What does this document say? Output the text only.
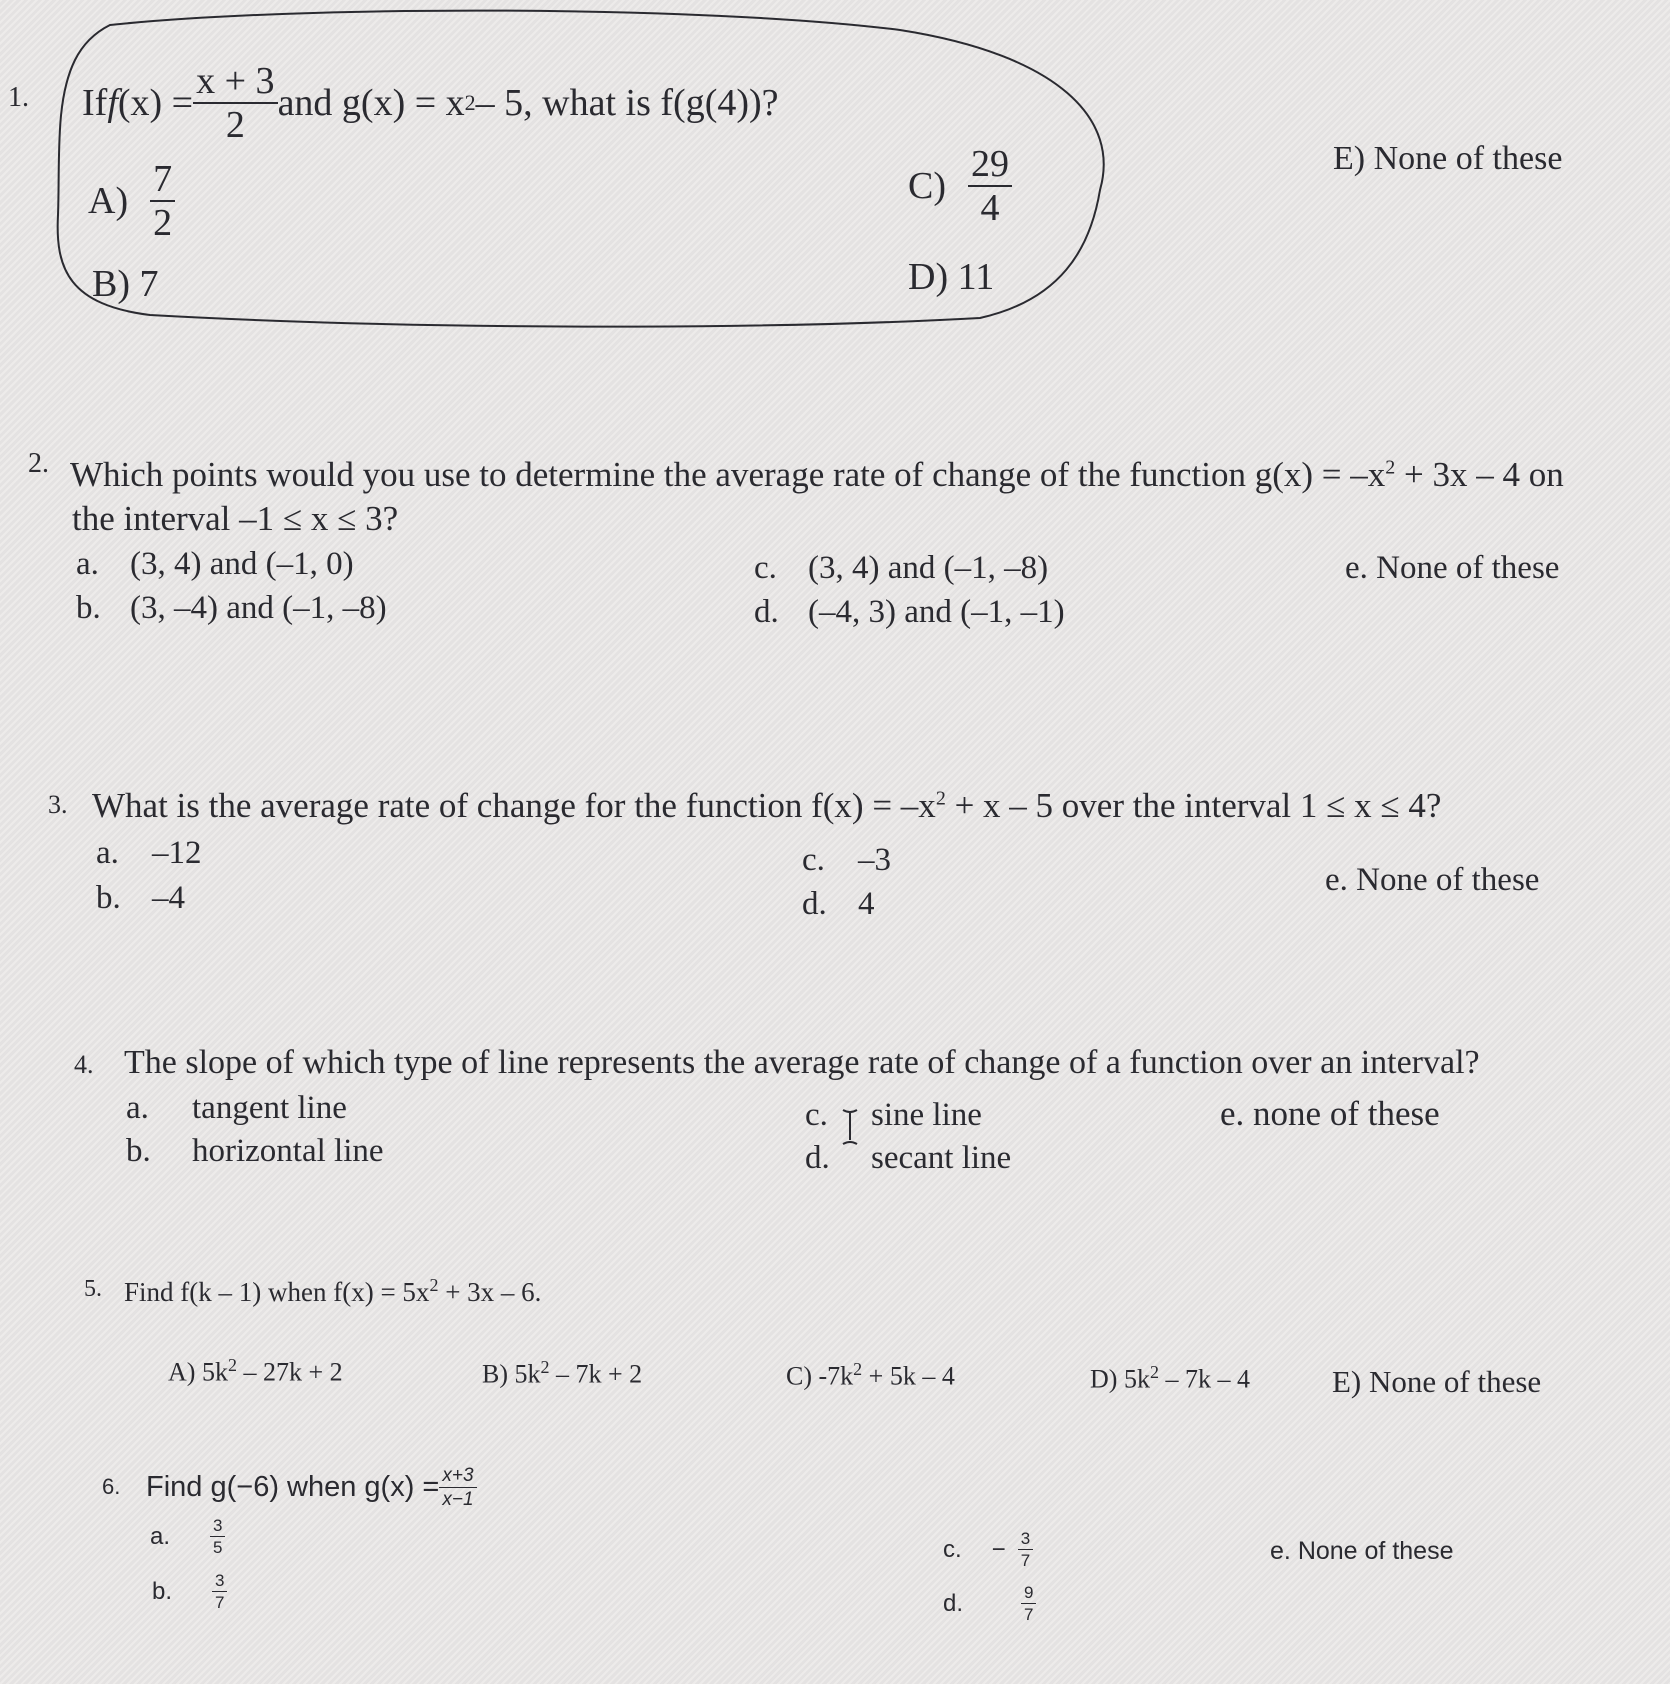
1. If f $(x) = \frac{x + 3}{2}$ and g(x) = x 2 – 5, what is f(g(4))?
$A) \frac{7}{2}$
B) 7
$C) \frac{29}{4}$
D) 11
E) None of these
2. Which points would you use to determine the average rate of change of the function $g(x) = -x^2 + 3x - 4$ on
the interval –1 ≤ x ≤ 3?
a. (3, 4) and (–1, 0)
b. (3, –4) and (–1, –8)
c. (3, 4) and (–1, –8)
d. (–4, 3) and (–1, –1)
e. None of these
3. What is the average rate of change for the function $f(x) = -x^2 + x - 5$ over the interval 1 ≤ x ≤ 4?
a. –12
b. –4
c. –3
d. 4
e. None of these
4. The slope of which type of line represents the average rate of change of a function over an interval?
a. tangent line
b. horizontal line
c. sine line
d. secant line
e. none of these
5. Find f(k – 1) when $f(x) = 5x^2 + 3x - 6$.
A) $5k^2 - 27k + 2$	B) $5k^2 - 7k + 2$	C) $-7k^2 + 5k - 4$	D) $5k^2 - 7k - 4$	E) None of these
6. Find g(−6) when $g(x) = \frac{x+3}{x-1}$
a. $\frac{3}{5}$
b. $\frac{3}{7}$
c. − $\frac{3}{7}$
d.	$\frac{9}{7}$
e. None of these
